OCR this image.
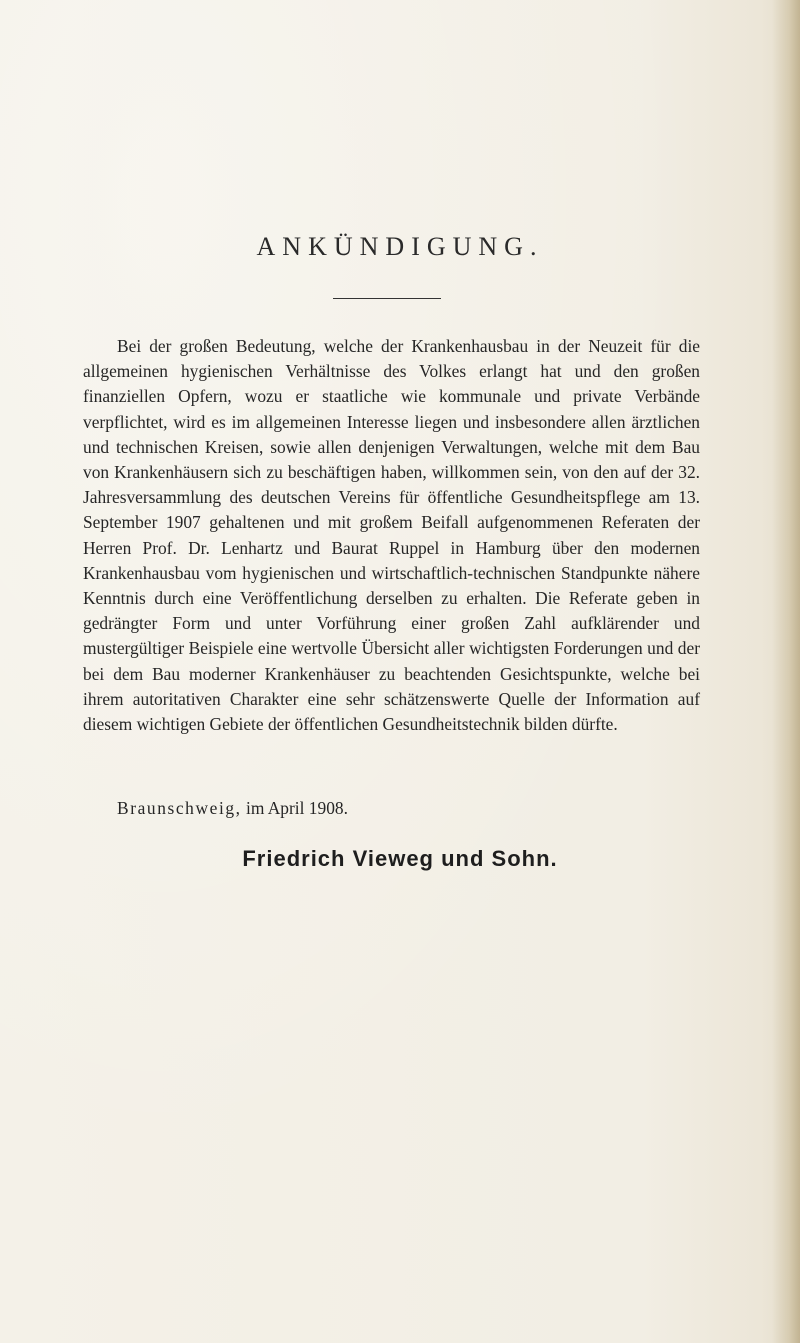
ANKÜNDIGUNG.

Bei der großen Bedeutung, welche der Krankenhausbau in der Neuzeit für die allgemeinen hygienischen Verhältnisse des Volkes erlangt hat und den großen finanziellen Opfern, wozu er staatliche wie kommunale und private Verbände verpflichtet, wird es im allgemeinen Interesse liegen und insbesondere allen ärztlichen und technischen Kreisen, sowie allen denjenigen Verwaltungen, welche mit dem Bau von Krankenhäusern sich zu beschäftigen haben, willkommen sein, von den auf der 32. Jahresversammlung des deutschen Vereins für öffentliche Gesundheitspflege am 13. September 1907 gehaltenen und mit großem Beifall aufgenommenen Referaten der Herren Prof. Dr. Lenhartz und Baurat Ruppel in Hamburg über den modernen Krankenhausbau vom hygienischen und wirtschaftlich-technischen Standpunkte nähere Kenntnis durch eine Veröffentlichung derselben zu erhalten. Die Referate geben in gedrängter Form und unter Vorführung einer großen Zahl aufklärender und mustergültiger Beispiele eine wertvolle Übersicht aller wichtigsten Forderungen und der bei dem Bau moderner Krankenhäuser zu beachtenden Gesichtspunkte, welche bei ihrem autoritativen Charakter eine sehr schätzenswerte Quelle der Information auf diesem wichtigen Gebiete der öffentlichen Gesundheitstechnik bilden dürfte.

Braunschweig, im April 1908.

Friedrich Vieweg und Sohn.
